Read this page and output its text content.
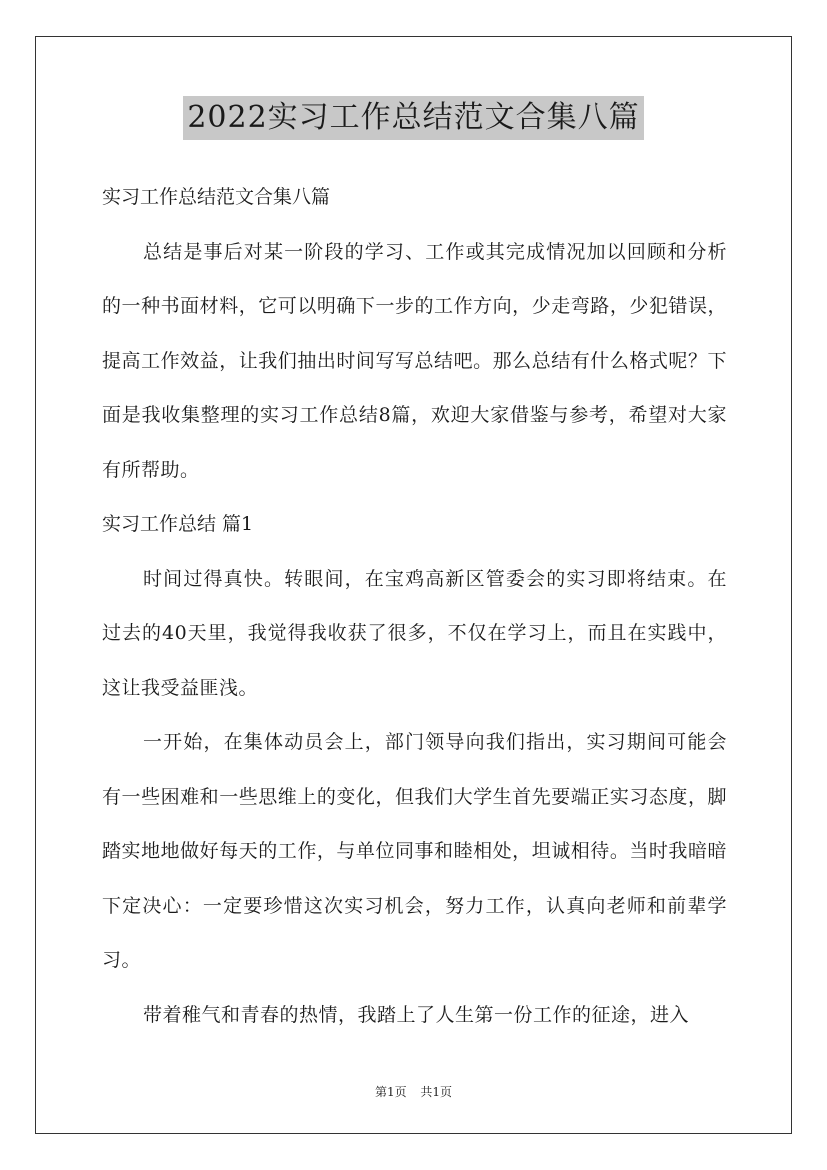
2022实习工作总结范文合集八篇

实习工作总结范文合集八篇

总结是事后对某一阶段的学习、工作或其完成情况加以回顾和分析的一种书面材料，它可以明确下一步的工作方向，少走弯路，少犯错误，提高工作效益，让我们抽出时间写写总结吧。那么总结有什么格式呢？下面是我收集整理的实习工作总结8篇，欢迎大家借鉴与参考，希望对大家有所帮助。

实习工作总结 篇1

时间过得真快。转眼间，在宝鸡高新区管委会的实习即将结束。在过去的40天里，我觉得我收获了很多，不仅在学习上，而且在实践中，这让我受益匪浅。

一开始，在集体动员会上，部门领导向我们指出，实习期间可能会有一些困难和一些思维上的变化，但我们大学生首先要端正实习态度，脚踏实地地做好每天的工作，与单位同事和睦相处，坦诚相待。当时我暗暗下定决心：一定要珍惜这次实习机会，努力工作，认真向老师和前辈学习。

带着稚气和青春的热情，我踏上了人生第一份工作的征途，进入

第1页 共1页
